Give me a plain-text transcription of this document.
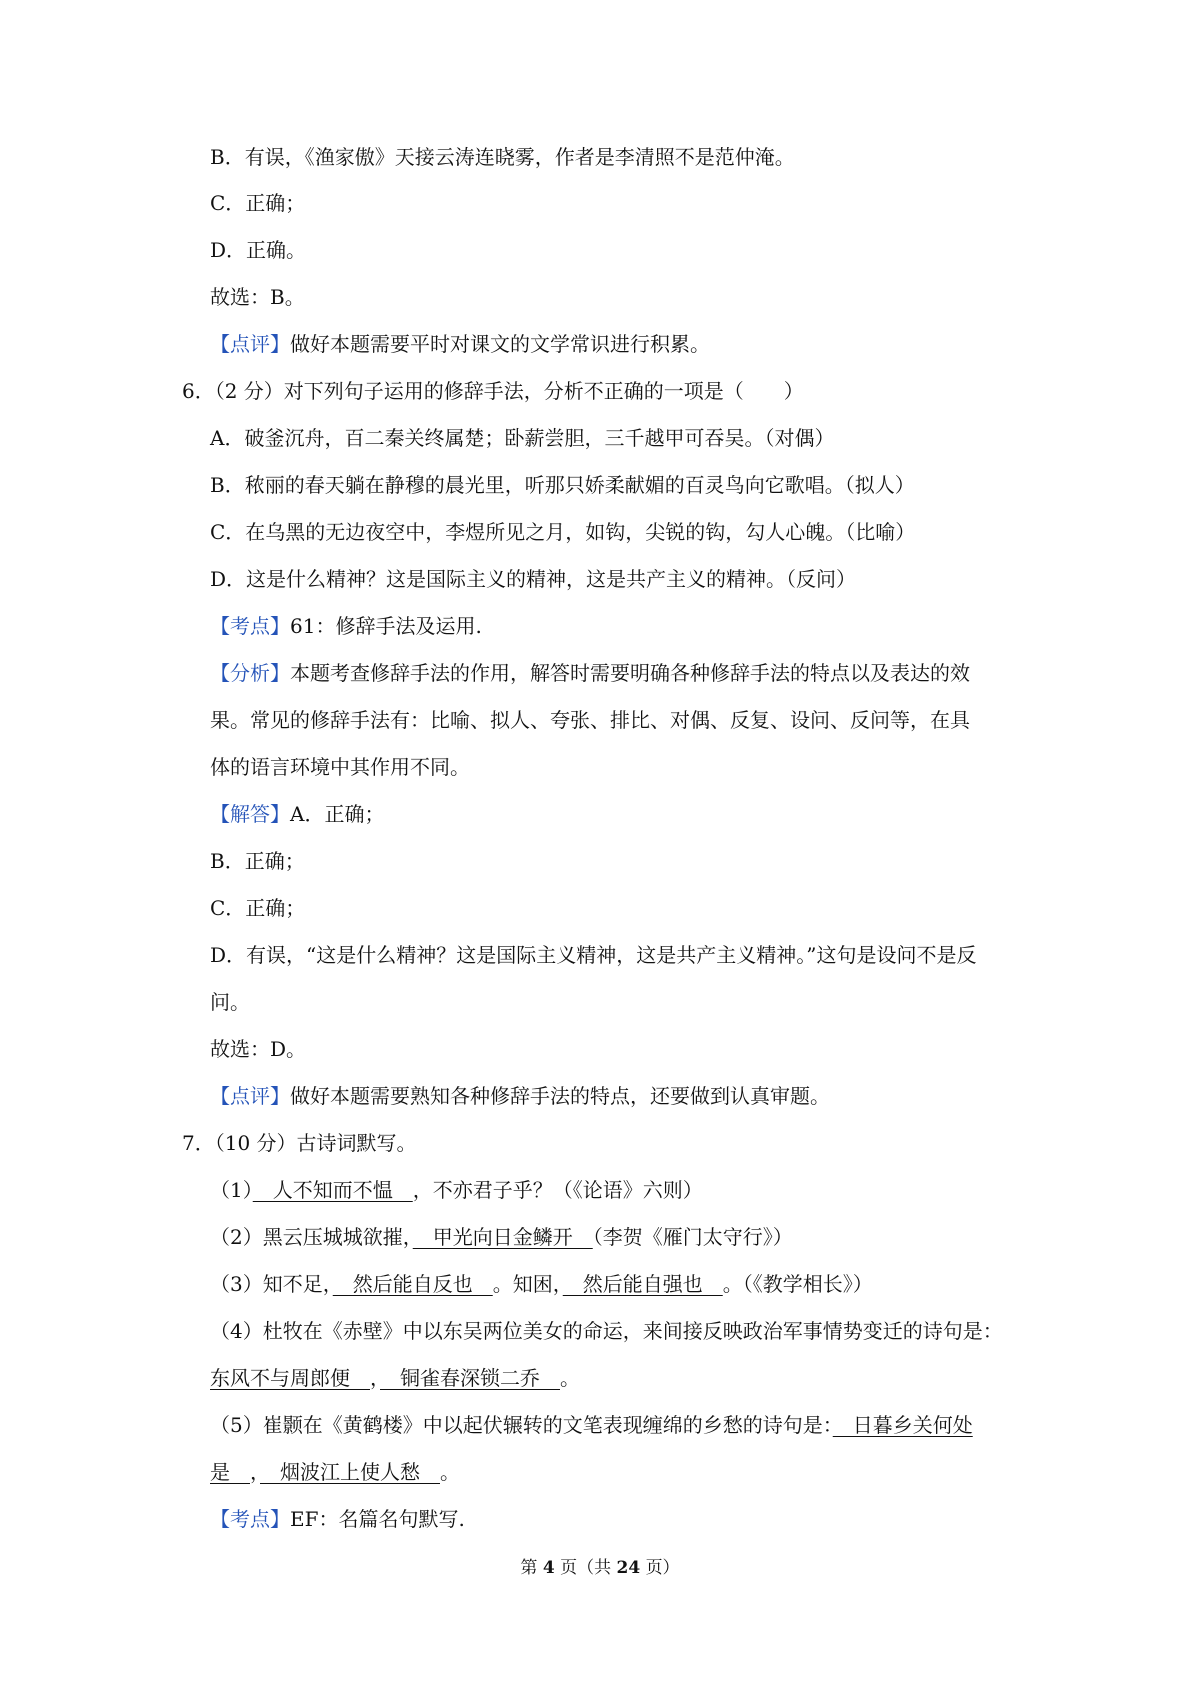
B．有误，《渔家傲》天接云涛连晓雾，作者是李清照不是范仲淹。
C．正确；
D．正确。
故选：B。
【点评】做好本题需要平时对课文的文学常识进行积累。
6．（2 分）对下列句子运用的修辞手法，分析不正确的一项是（　　）
A．破釜沉舟，百二秦关终属楚；卧薪尝胆，三千越甲可吞吴。（对偶）
B．秾丽的春天躺在静穆的晨光里，听那只娇柔献媚的百灵鸟向它歌唱。（拟人）
C．在乌黑的无边夜空中，李煜所见之月，如钩，尖锐的钩，勾人心魄。（比喻）
D．这是什么精神？这是国际主义的精神，这是共产主义的精神。（反问）
【考点】61：修辞手法及运用.
【分析】本题考查修辞手法的作用，解答时需要明确各种修辞手法的特点以及表达的效
果。常见的修辞手法有：比喻、拟人、夸张、排比、对偶、反复、设问、反问等，在具
体的语言环境中其作用不同。
【解答】A．正确；
B．正确；
C．正确；
D．有误，“这是什么精神？这是国际主义精神，这是共产主义精神。”这句是设问不是反
问。
故选：D。
【点评】做好本题需要熟知各种修辞手法的特点，还要做到认真审题。
7．（10 分）古诗词默写。
（1）　人不知而不愠　，不亦君子乎？（《论语》六则）
（2）黑云压城城欲摧，　甲光向日金鳞开　（李贺《雁门太守行》）
（3）知不足，　然后能自反也　。知困，　然后能自强也　。（《教学相长》）
（4）杜牧在《赤壁》中以东吴两位美女的命运，来间接反映政治军事情势变迁的诗句是：
东风不与周郎便　，　铜雀春深锁二乔　。
（5）崔颢在《黄鹤楼》中以起伏辗转的文笔表现缠绵的乡愁的诗句是：　日暮乡关何处
是　，　烟波江上使人愁　。
【考点】EF：名篇名句默写.
第 4 页（共 24 页）
